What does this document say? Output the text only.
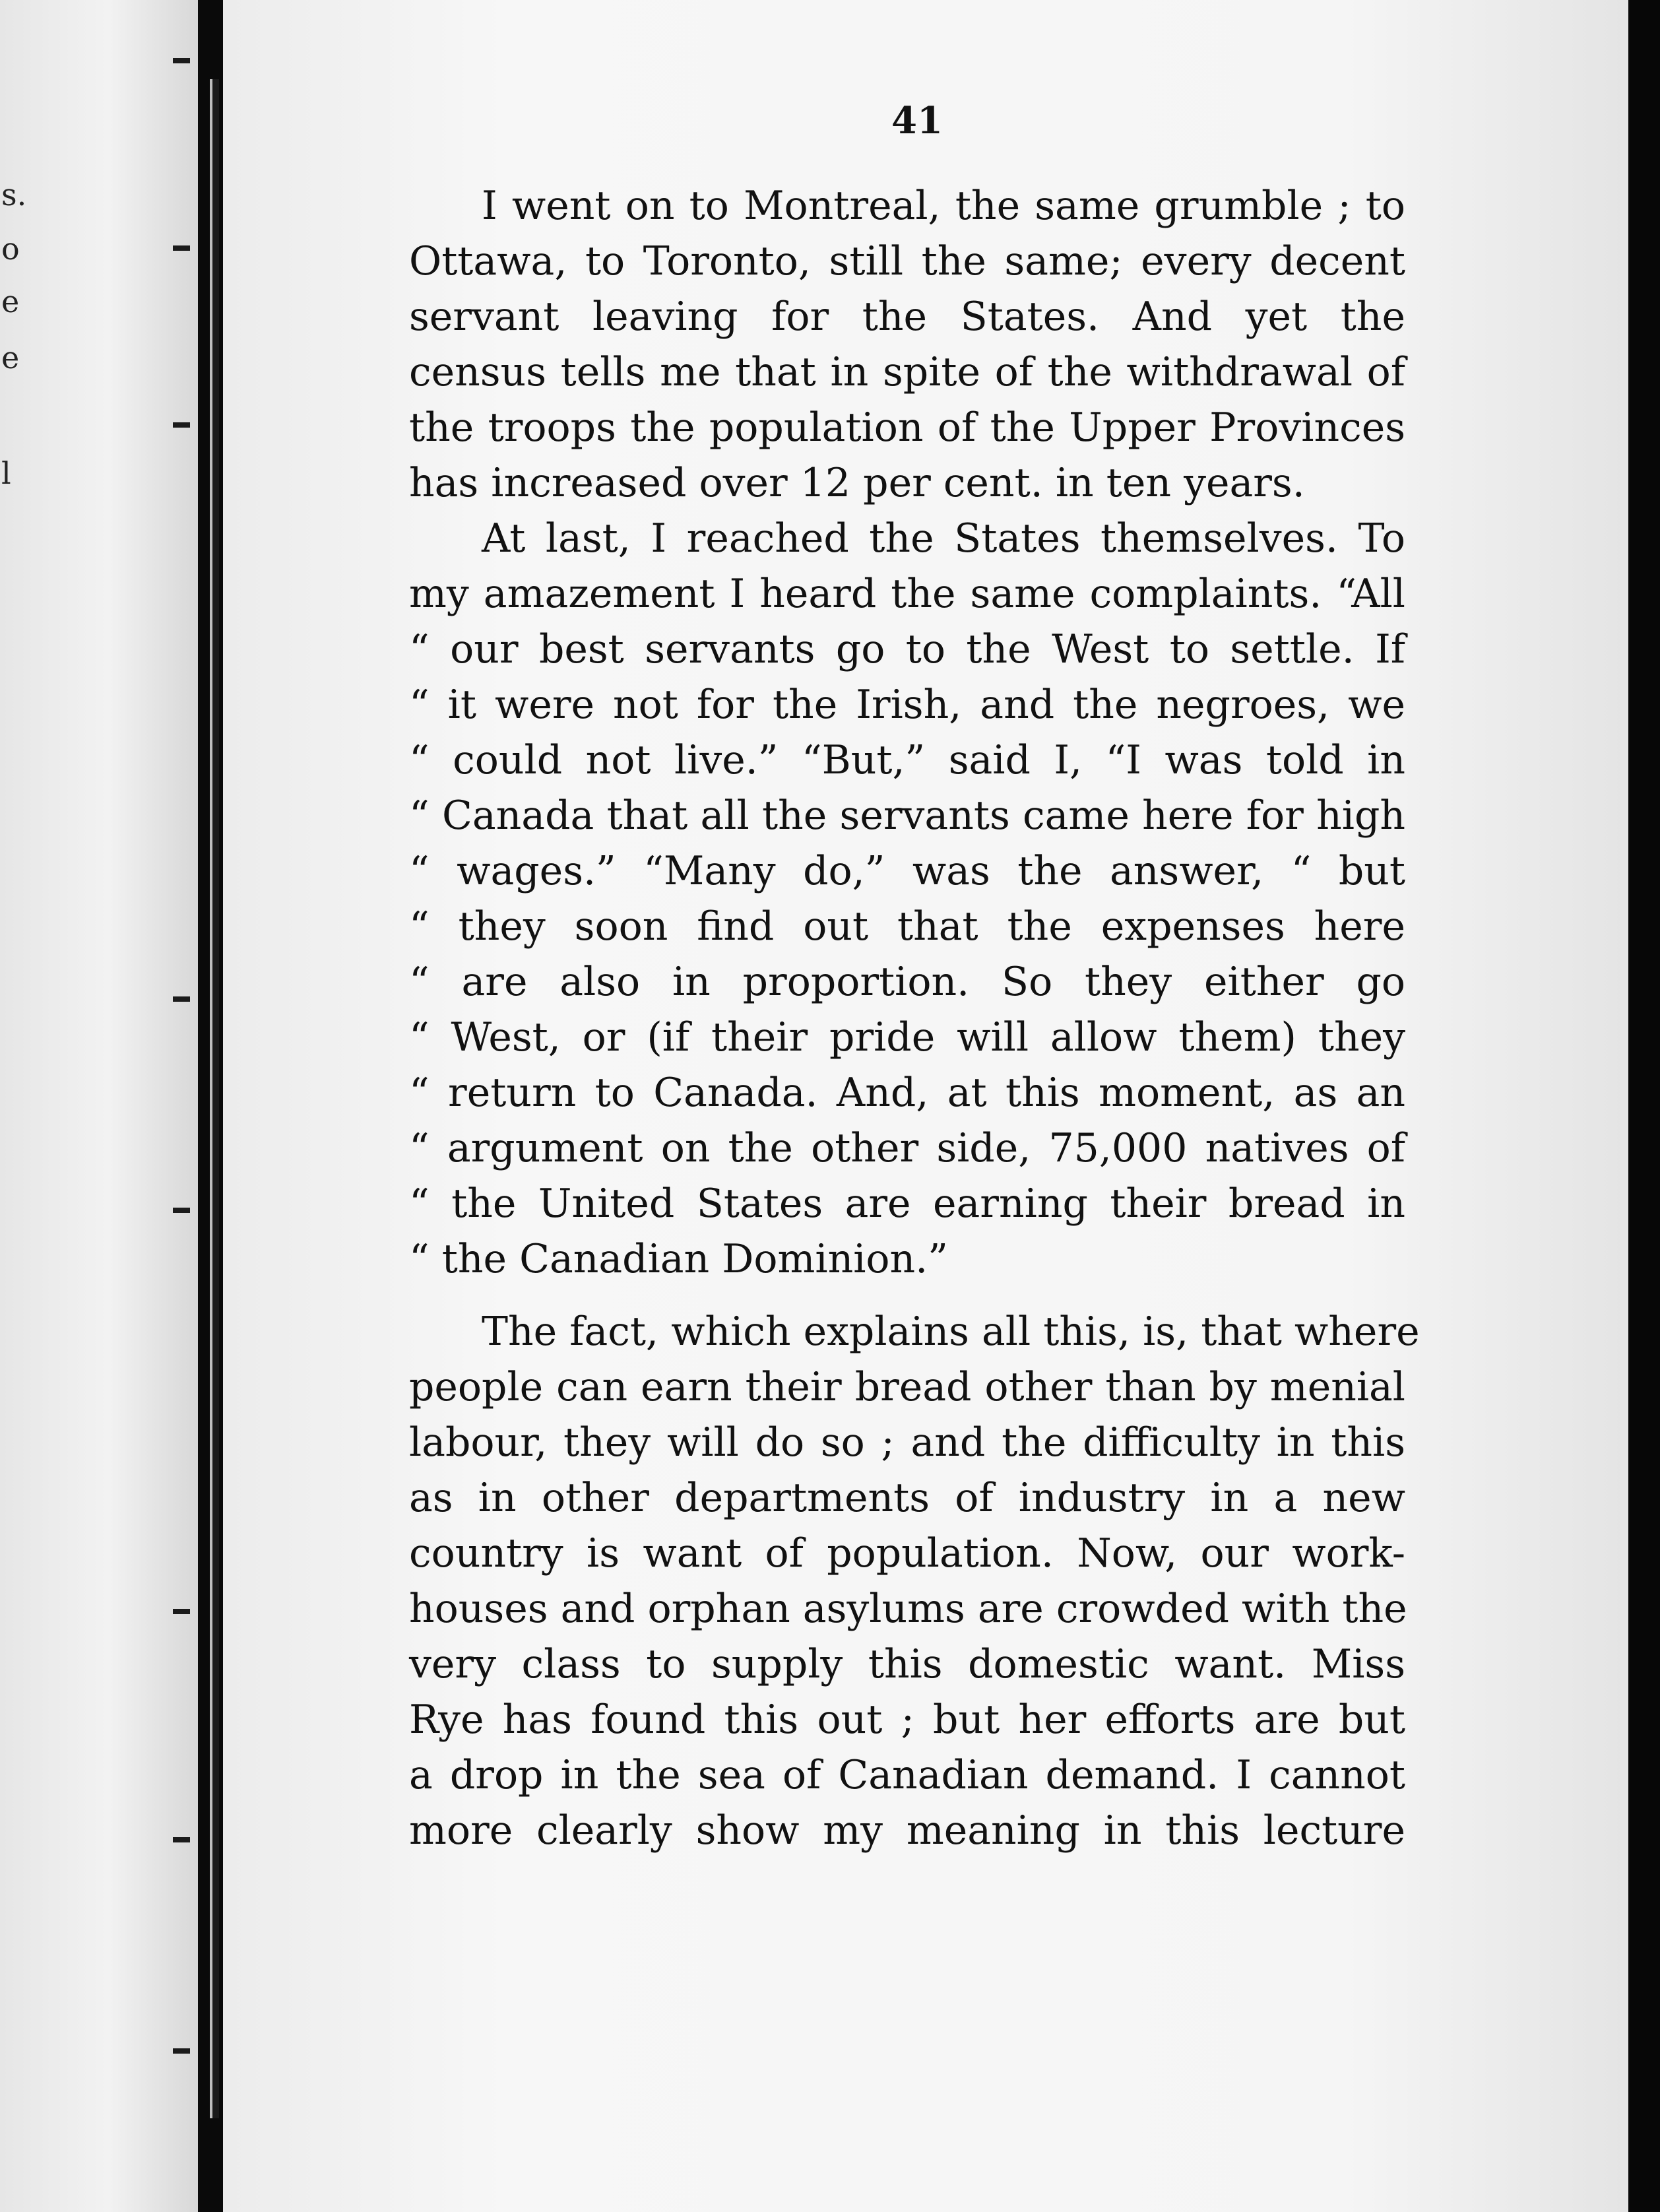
s.
o
e
e
l
41
I went on to Montreal, the same grumble ; to
Ottawa, to Toronto, still the same; every decent
servant leaving for the States. And yet the
census tells me that in spite of the withdrawal of
the troops the population of the Upper Provinces
has increased over 12 per cent. in ten years.
At last, I reached the States themselves. To
my amazement I heard the same complaints. “All
“ our best servants go to the West to settle. If
“ it were not for the Irish, and the negroes, we
“ could not live.” “But,” said I, “I was told in
“ Canada that all the servants came here for high
“ wages.” “Many do,” was the answer, “ but
“ they soon find out that the expenses here
“ are also in proportion. So they either go
“ West, or (if their pride will allow them) they
“ return to Canada. And, at this moment, as an
“ argument on the other side, 75,000 natives of
“ the United States are earning their bread in
“ the Canadian Dominion.”
The fact, which explains all this, is, that where
people can earn their bread other than by menial
labour, they will do so ; and the difficulty in this
as in other departments of industry in a new
country is want of population. Now, our work-
houses and orphan asylums are crowded with the
very class to supply this domestic want. Miss
Rye has found this out ; but her efforts are but
a drop in the sea of Canadian demand. I cannot
more clearly show my meaning in this lecture
